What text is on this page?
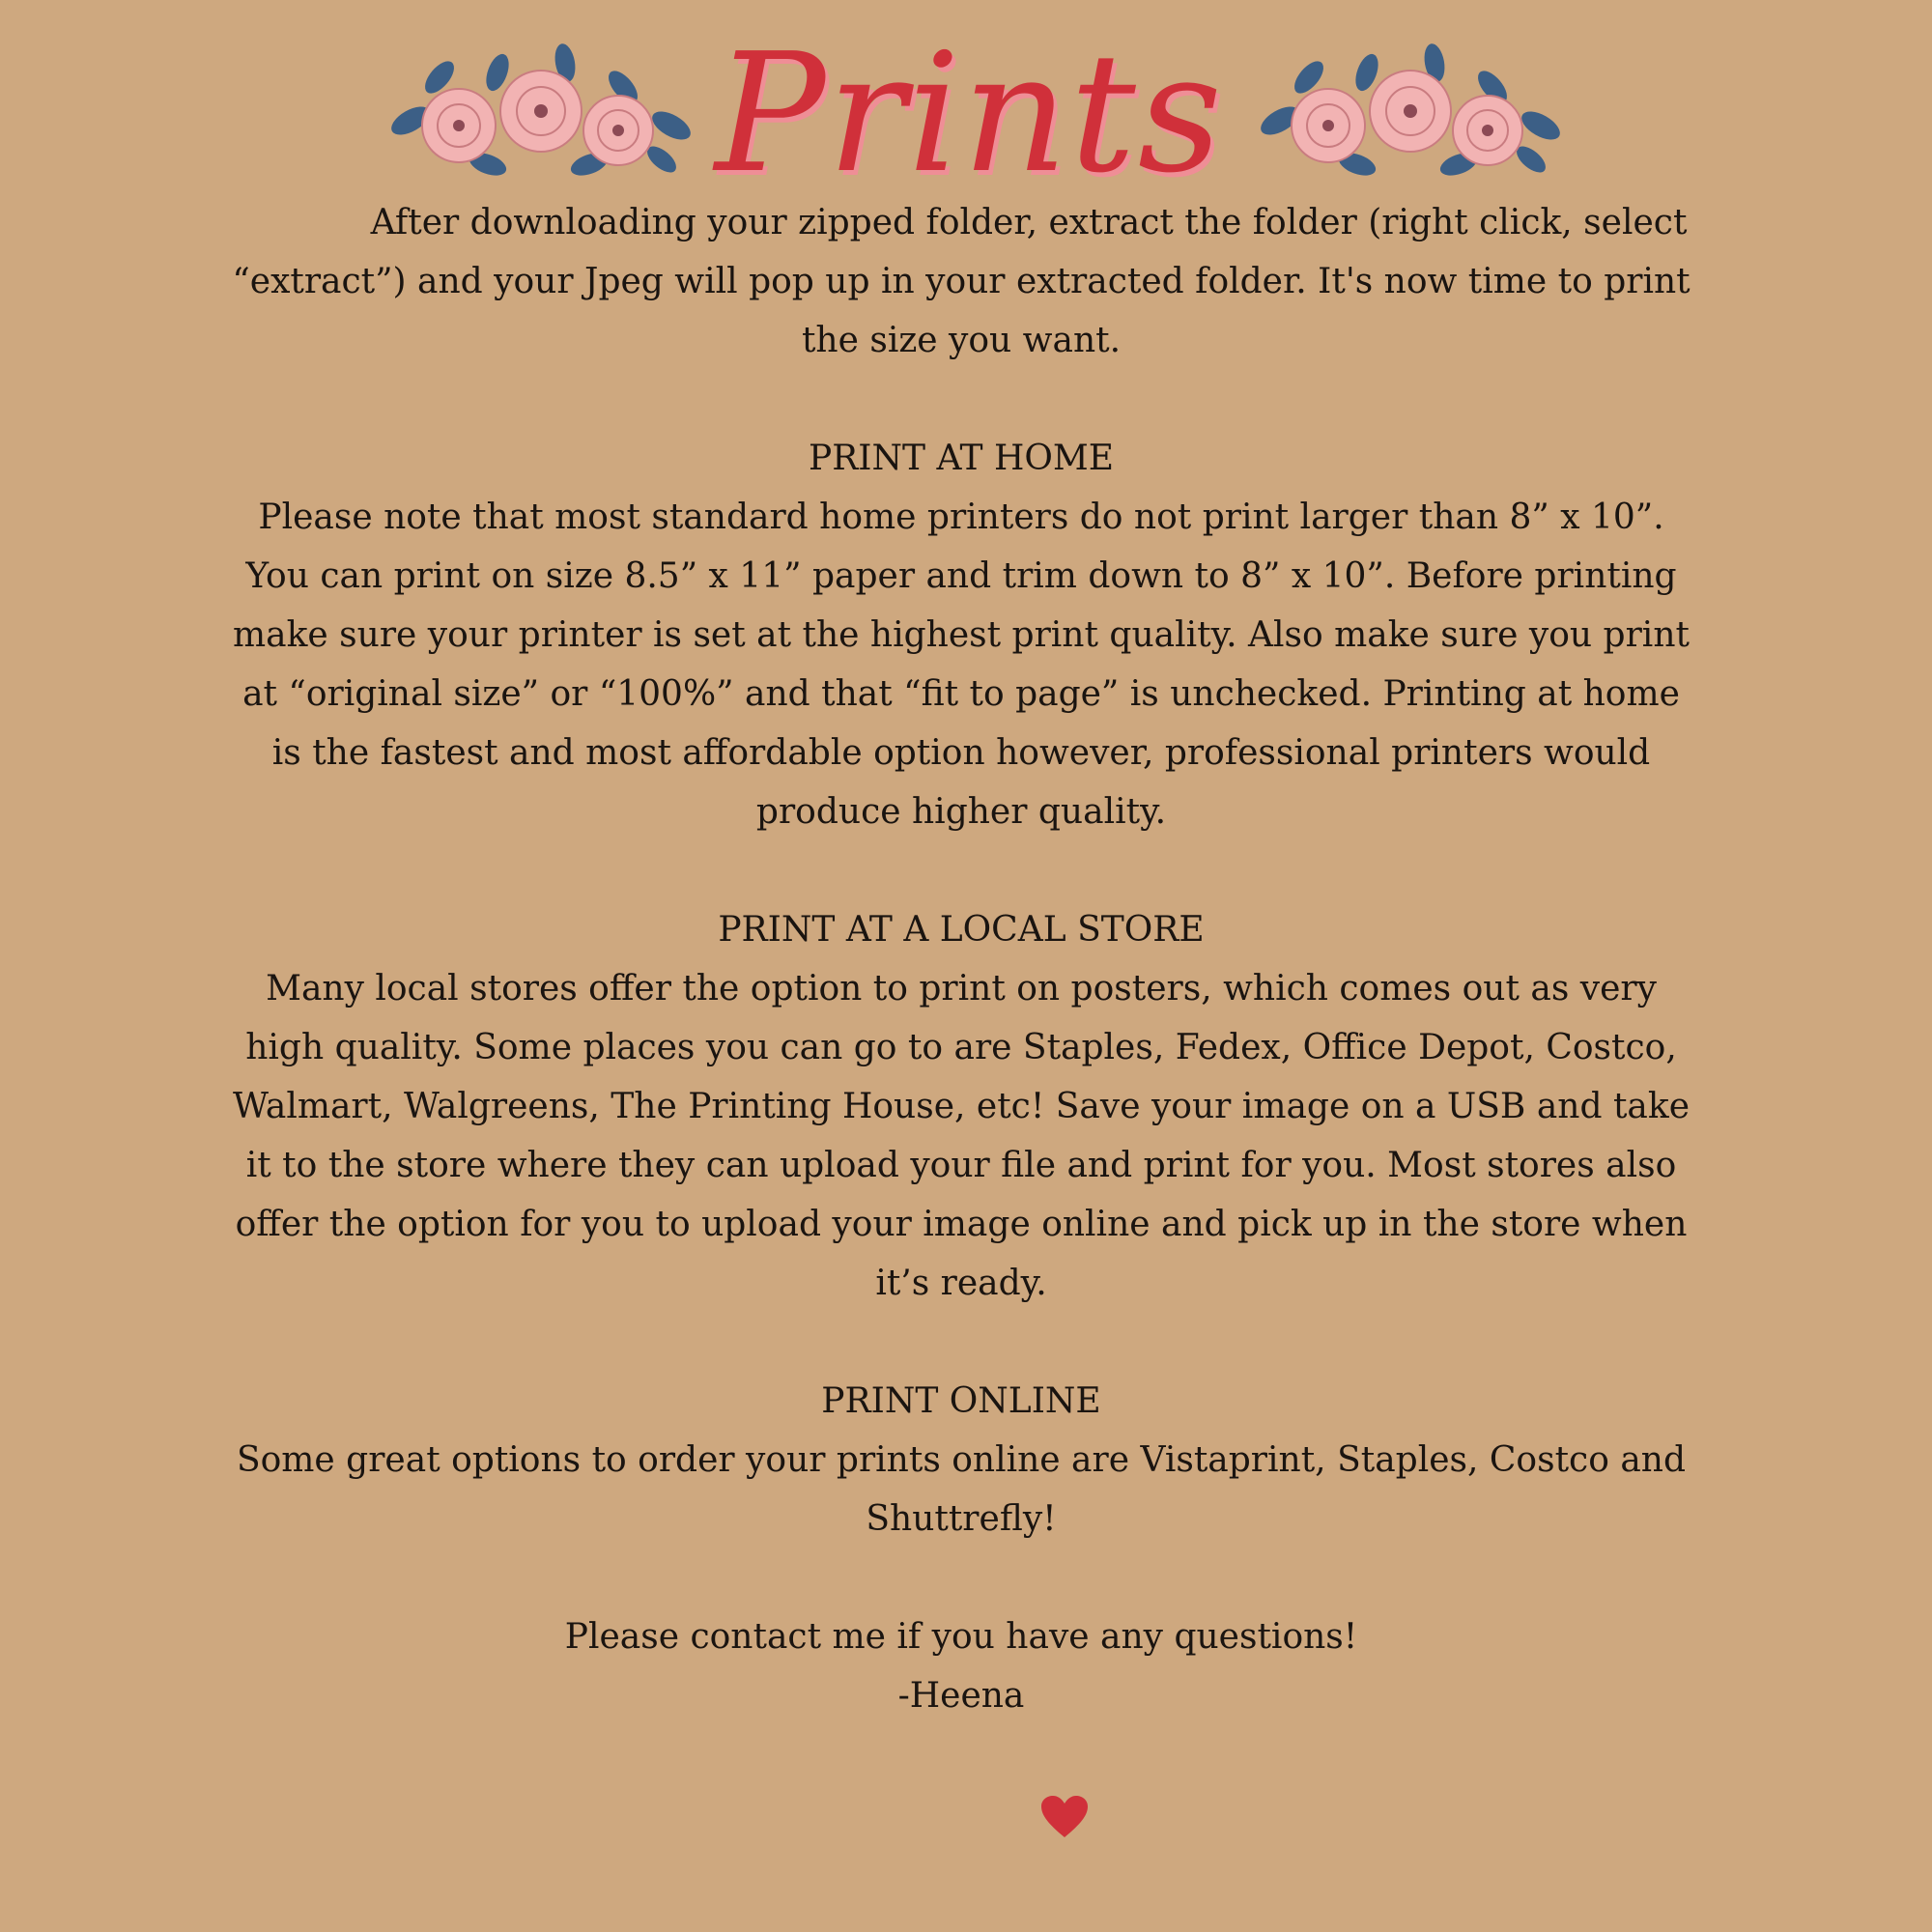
Prints

After downloading your zipped folder, extract the folder (right click, select “extract”) and your Jpeg will pop up in your extracted folder. It's now time to print the size you want.

PRINT AT HOME

Please note that most standard home printers do not print larger than 8” x 10”. You can print on size 8.5” x 11” paper and trim down to 8” x 10”. Before printing make sure your printer is set at the highest print quality. Also make sure you print at “original size” or “100%” and that “fit to page” is unchecked. Printing at home is the fastest and most affordable option however, professional printers would produce higher quality.

PRINT AT A LOCAL STORE

Many local stores offer the option to print on posters, which comes out as very high quality. Some places you can go to are Staples, Fedex, Office Depot, Costco, Walmart, Walgreens, The Printing House, etc! Save your image on a USB and take it to the store where they can upload your file and print for you. Most stores also offer the option for you to upload your image online and pick up in the store when it’s ready.

PRINT ONLINE

Some great options to order your prints online are Vistaprint, Staples, Costco and Shuttrefly!

Please contact me if you have any questions!

-Heena
